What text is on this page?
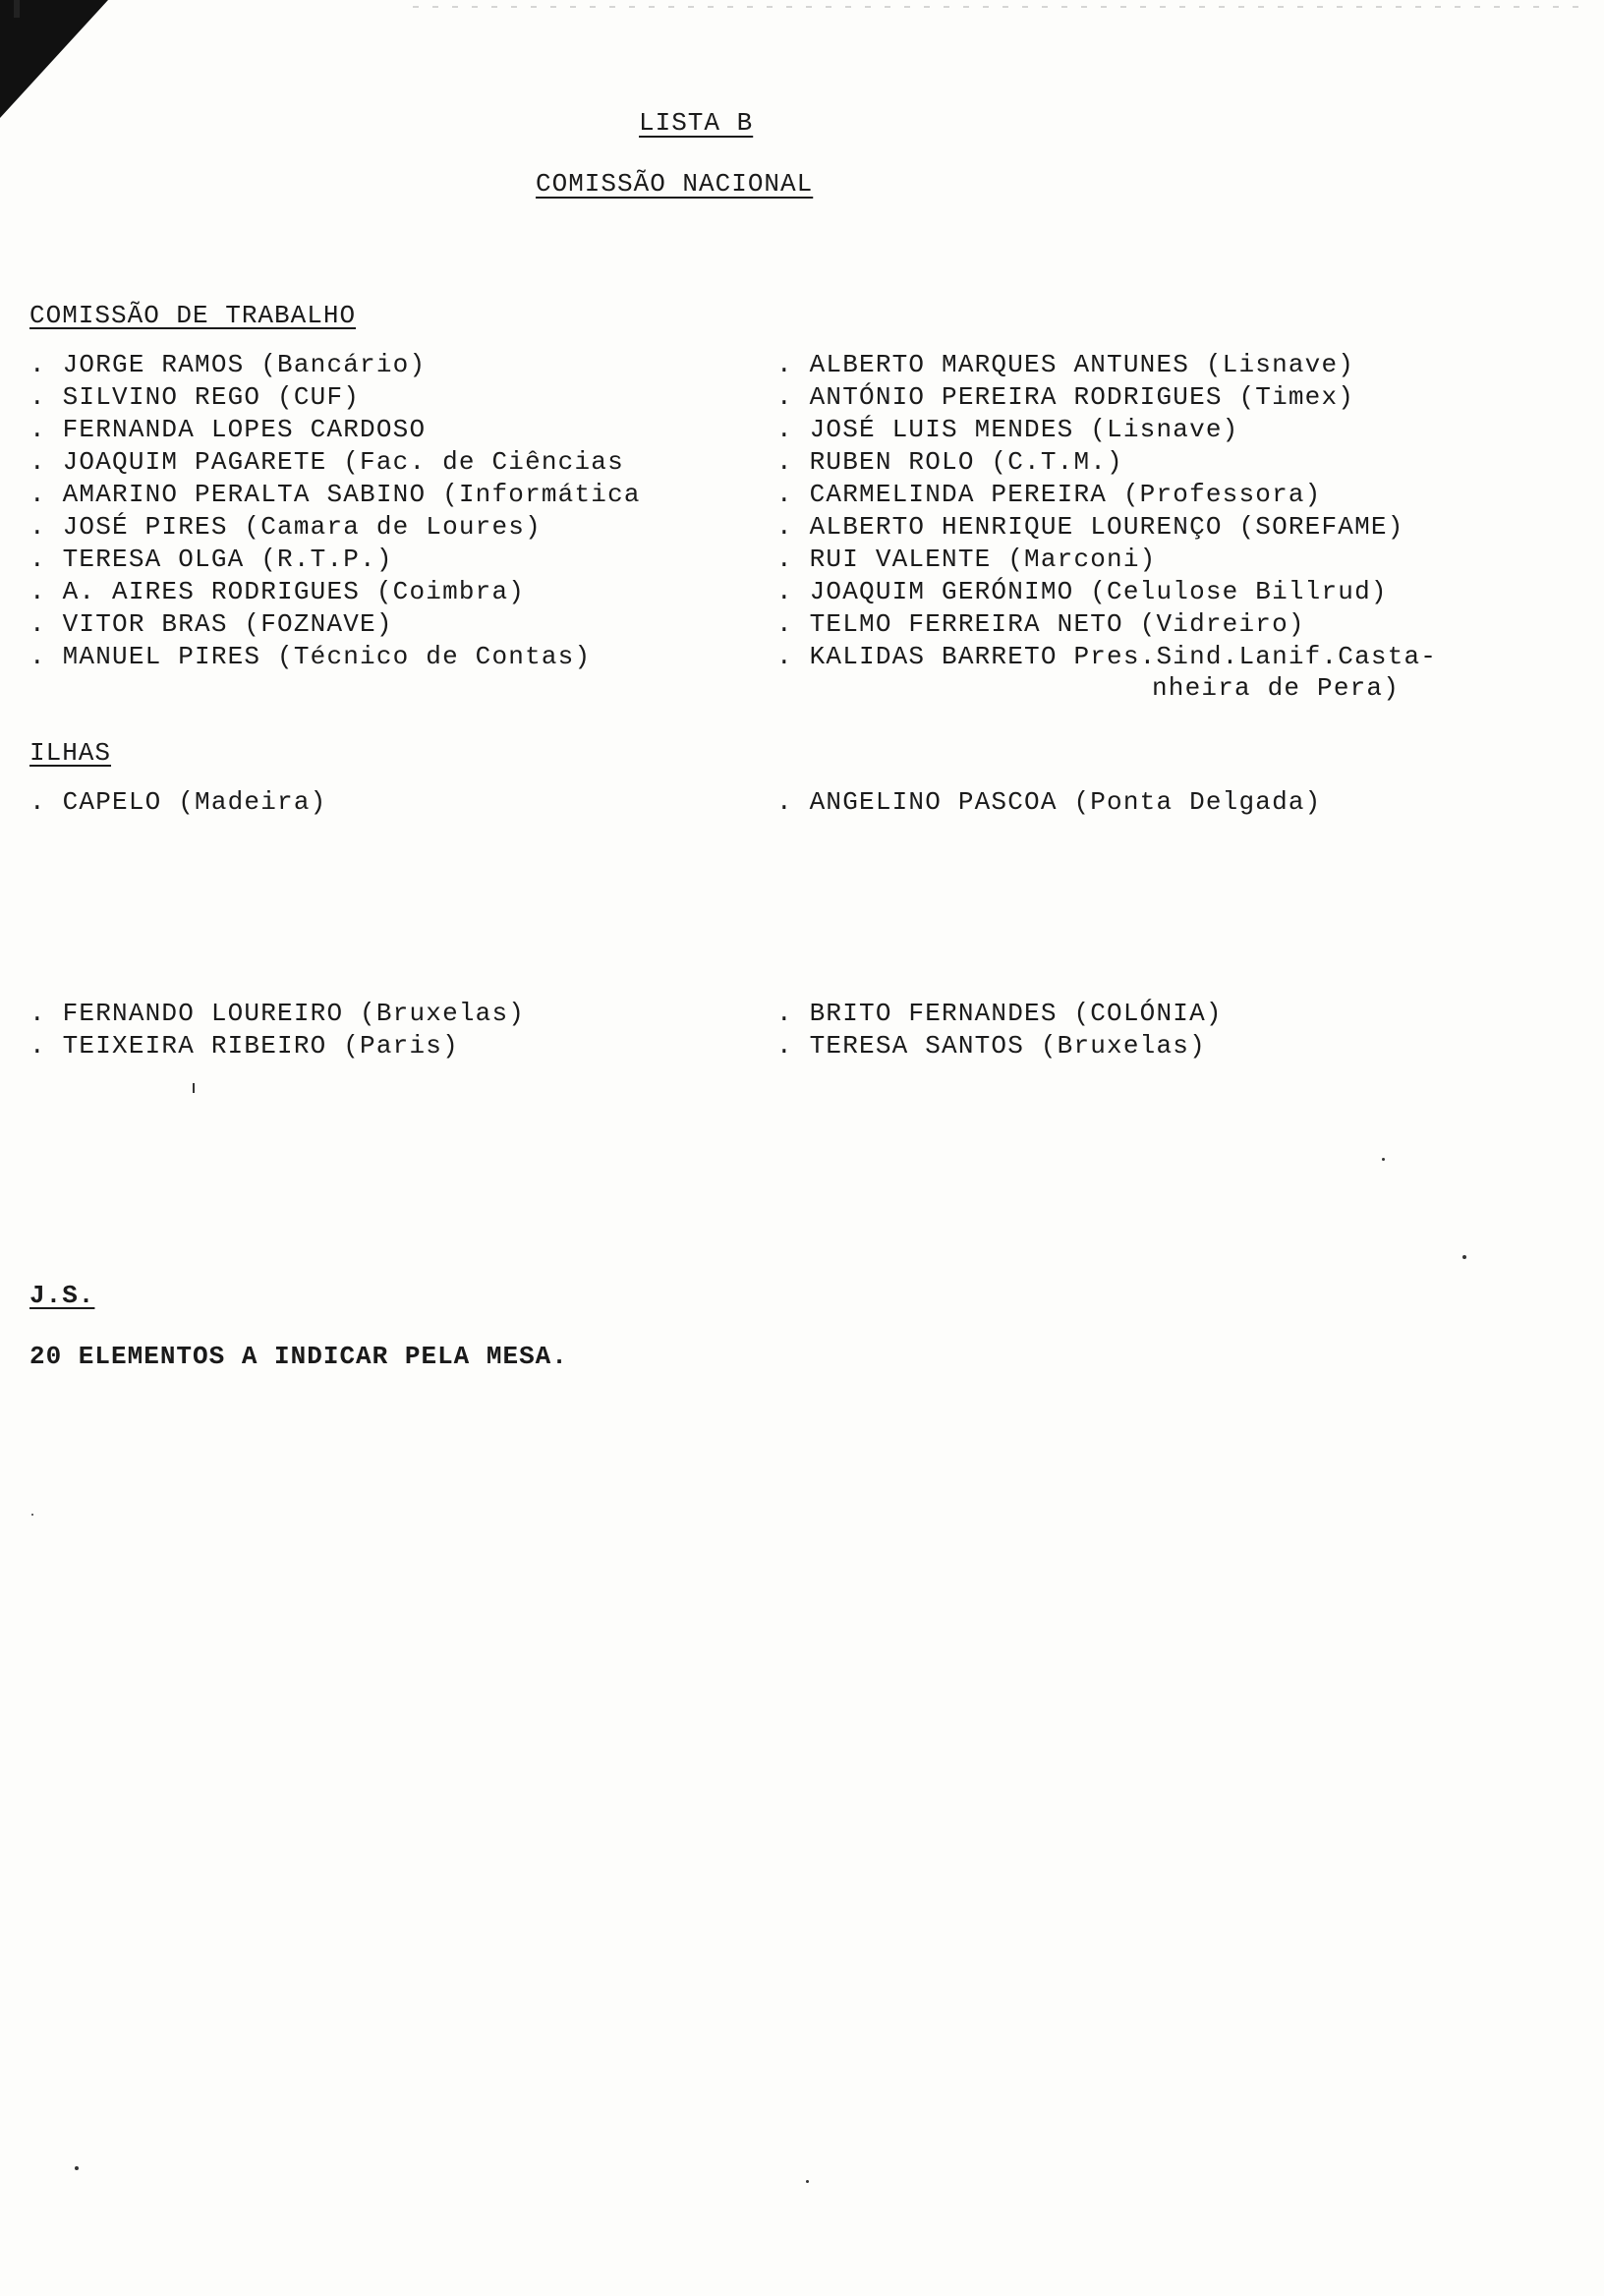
LISTA B
COMISSÃO NACIONAL
COMISSÃO DE TRABALHO
. JORGE RAMOS (Bancário)
. SILVINO REGO (CUF)
. FERNANDA LOPES CARDOSO
. JOAQUIM PAGARETE (Fac. de Ciências
. AMARINO PERALTA SABINO (Informática
. JOSÉ PIRES (Camara de Loures)
. TERESA OLGA (R.T.P.)
. A. AIRES RODRIGUES (Coimbra)
. VITOR BRAS (FOZNAVE)
. MANUEL PIRES (Técnico de Contas)
. ALBERTO MARQUES ANTUNES (Lisnave)
. ANTÓNIO PEREIRA RODRIGUES (Timex)
. JOSÉ LUIS MENDES (Lisnave)
. RUBEN ROLO (C.T.M.)
. CARMELINDA PEREIRA (Professora)
. ALBERTO HENRIQUE LOURENÇO (SOREFAME)
. RUI VALENTE (Marconi)
. JOAQUIM GERÓNIMO (Celulose Billrud)
. TELMO FERREIRA NETO (Vidreiro)
. KALIDAS BARRETO Pres.Sind.Lanif.Casta-
nheira de Pera)
ILHAS
. CAPELO (Madeira)
.	ANGELINO PASCOA (Ponta Delgada)
. FERNANDO LOUREIRO (Bruxelas)
. TEIXEIRA RIBEIRO (Paris)
. BRITO FERNANDES (COLÓNIA)
. TERESA SANTOS (Bruxelas)
J.S.
20 ELEMENTOS A INDICAR PELA MESA.
